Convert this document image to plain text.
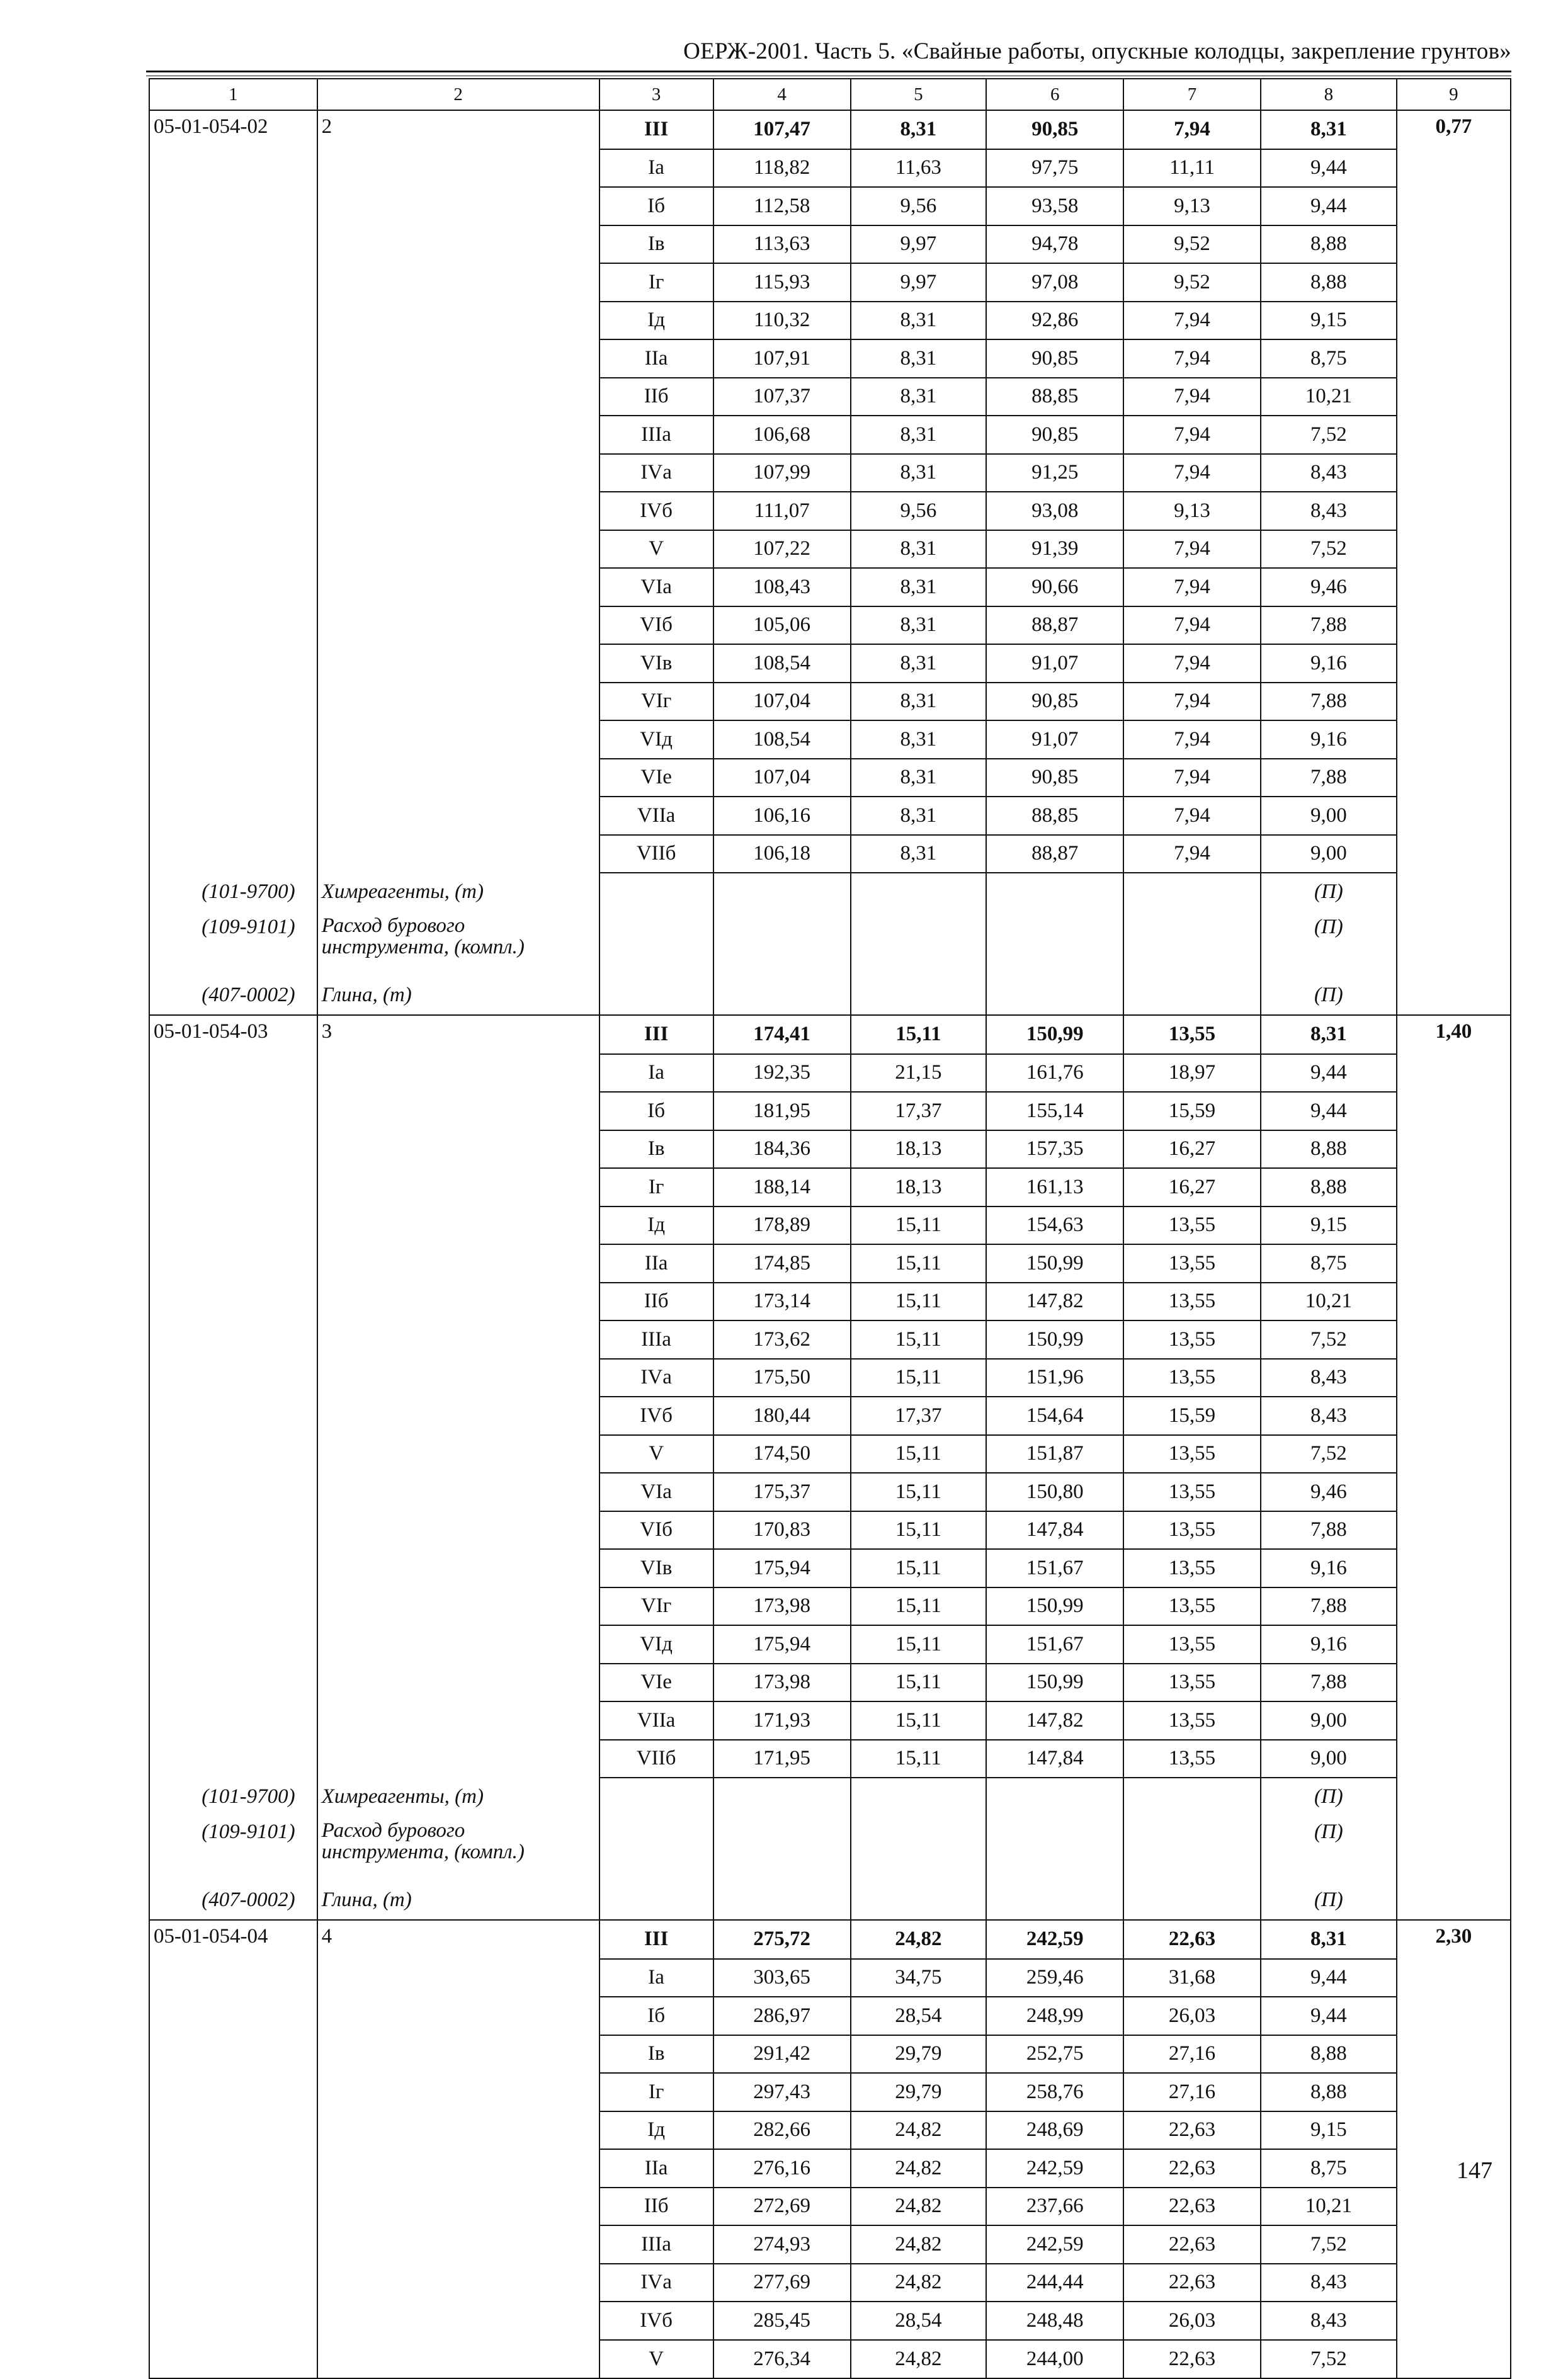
ОЕРЖ-2001. Часть 5. «Свайные работы, опускные колодцы, закрепление грунтов»
1	2	3	4	5	6	7	8	9
05-01-054-02	2	III	107,47	8,31	90,85	7,94	8,31	0,77
		Iа	118,82	11,63	97,75	11,11	9,44	
		Iб	112,58	9,56	93,58	9,13	9,44	
		Iв	113,63	9,97	94,78	9,52	8,88	
		Iг	115,93	9,97	97,08	9,52	8,88	
		Iд	110,32	8,31	92,86	7,94	9,15	
		IIа	107,91	8,31	90,85	7,94	8,75	
		IIб	107,37	8,31	88,85	7,94	10,21	
		IIIа	106,68	8,31	90,85	7,94	7,52	
		IVа	107,99	8,31	91,25	7,94	8,43	
		IVб	111,07	9,56	93,08	9,13	8,43	
		V	107,22	8,31	91,39	7,94	7,52	
		VIа	108,43	8,31	90,66	7,94	9,46	
		VIб	105,06	8,31	88,87	7,94	7,88	
		VIв	108,54	8,31	91,07	7,94	9,16	
		VIг	107,04	8,31	90,85	7,94	7,88	
		VIд	108,54	8,31	91,07	7,94	9,16	
		VIе	107,04	8,31	90,85	7,94	7,88	
		VIIа	106,16	8,31	88,85	7,94	9,00	
		VIIб	106,18	8,31	88,87	7,94	9,00	
(101-9700)	Химреагенты, (т)						(П)	
(109-9101)	Расход бурового инструмента, (компл.)						(П)	
(407-0002)	Глина, (т)						(П)	
05-01-054-03	3	III	174,41	15,11	150,99	13,55	8,31	1,40
		Iа	192,35	21,15	161,76	18,97	9,44	
		Iб	181,95	17,37	155,14	15,59	9,44	
		Iв	184,36	18,13	157,35	16,27	8,88	
		Iг	188,14	18,13	161,13	16,27	8,88	
		Iд	178,89	15,11	154,63	13,55	9,15	
		IIа	174,85	15,11	150,99	13,55	8,75	
		IIб	173,14	15,11	147,82	13,55	10,21	
		IIIа	173,62	15,11	150,99	13,55	7,52	
		IVа	175,50	15,11	151,96	13,55	8,43	
		IVб	180,44	17,37	154,64	15,59	8,43	
		V	174,50	15,11	151,87	13,55	7,52	
		VIа	175,37	15,11	150,80	13,55	9,46	
		VIб	170,83	15,11	147,84	13,55	7,88	
		VIв	175,94	15,11	151,67	13,55	9,16	
		VIг	173,98	15,11	150,99	13,55	7,88	
		VIд	175,94	15,11	151,67	13,55	9,16	
		VIе	173,98	15,11	150,99	13,55	7,88	
		VIIа	171,93	15,11	147,82	13,55	9,00	
		VIIб	171,95	15,11	147,84	13,55	9,00	
(101-9700)	Химреагенты, (т)						(П)	
(109-9101)	Расход бурового инструмента, (компл.)						(П)	
(407-0002)	Глина, (т)						(П)	
05-01-054-04	4	III	275,72	24,82	242,59	22,63	8,31	2,30
		Iа	303,65	34,75	259,46	31,68	9,44	
		Iб	286,97	28,54	248,99	26,03	9,44	
		Iв	291,42	29,79	252,75	27,16	8,88	
		Iг	297,43	29,79	258,76	27,16	8,88	
		Iд	282,66	24,82	248,69	22,63	9,15	
		IIа	276,16	24,82	242,59	22,63	8,75	
		IIб	272,69	24,82	237,66	22,63	10,21	
		IIIа	274,93	24,82	242,59	22,63	7,52	
		IVа	277,69	24,82	244,44	22,63	8,43	
		IVб	285,45	28,54	248,48	26,03	8,43	
		V	276,34	24,82	244,00	22,63	7,52	
147
